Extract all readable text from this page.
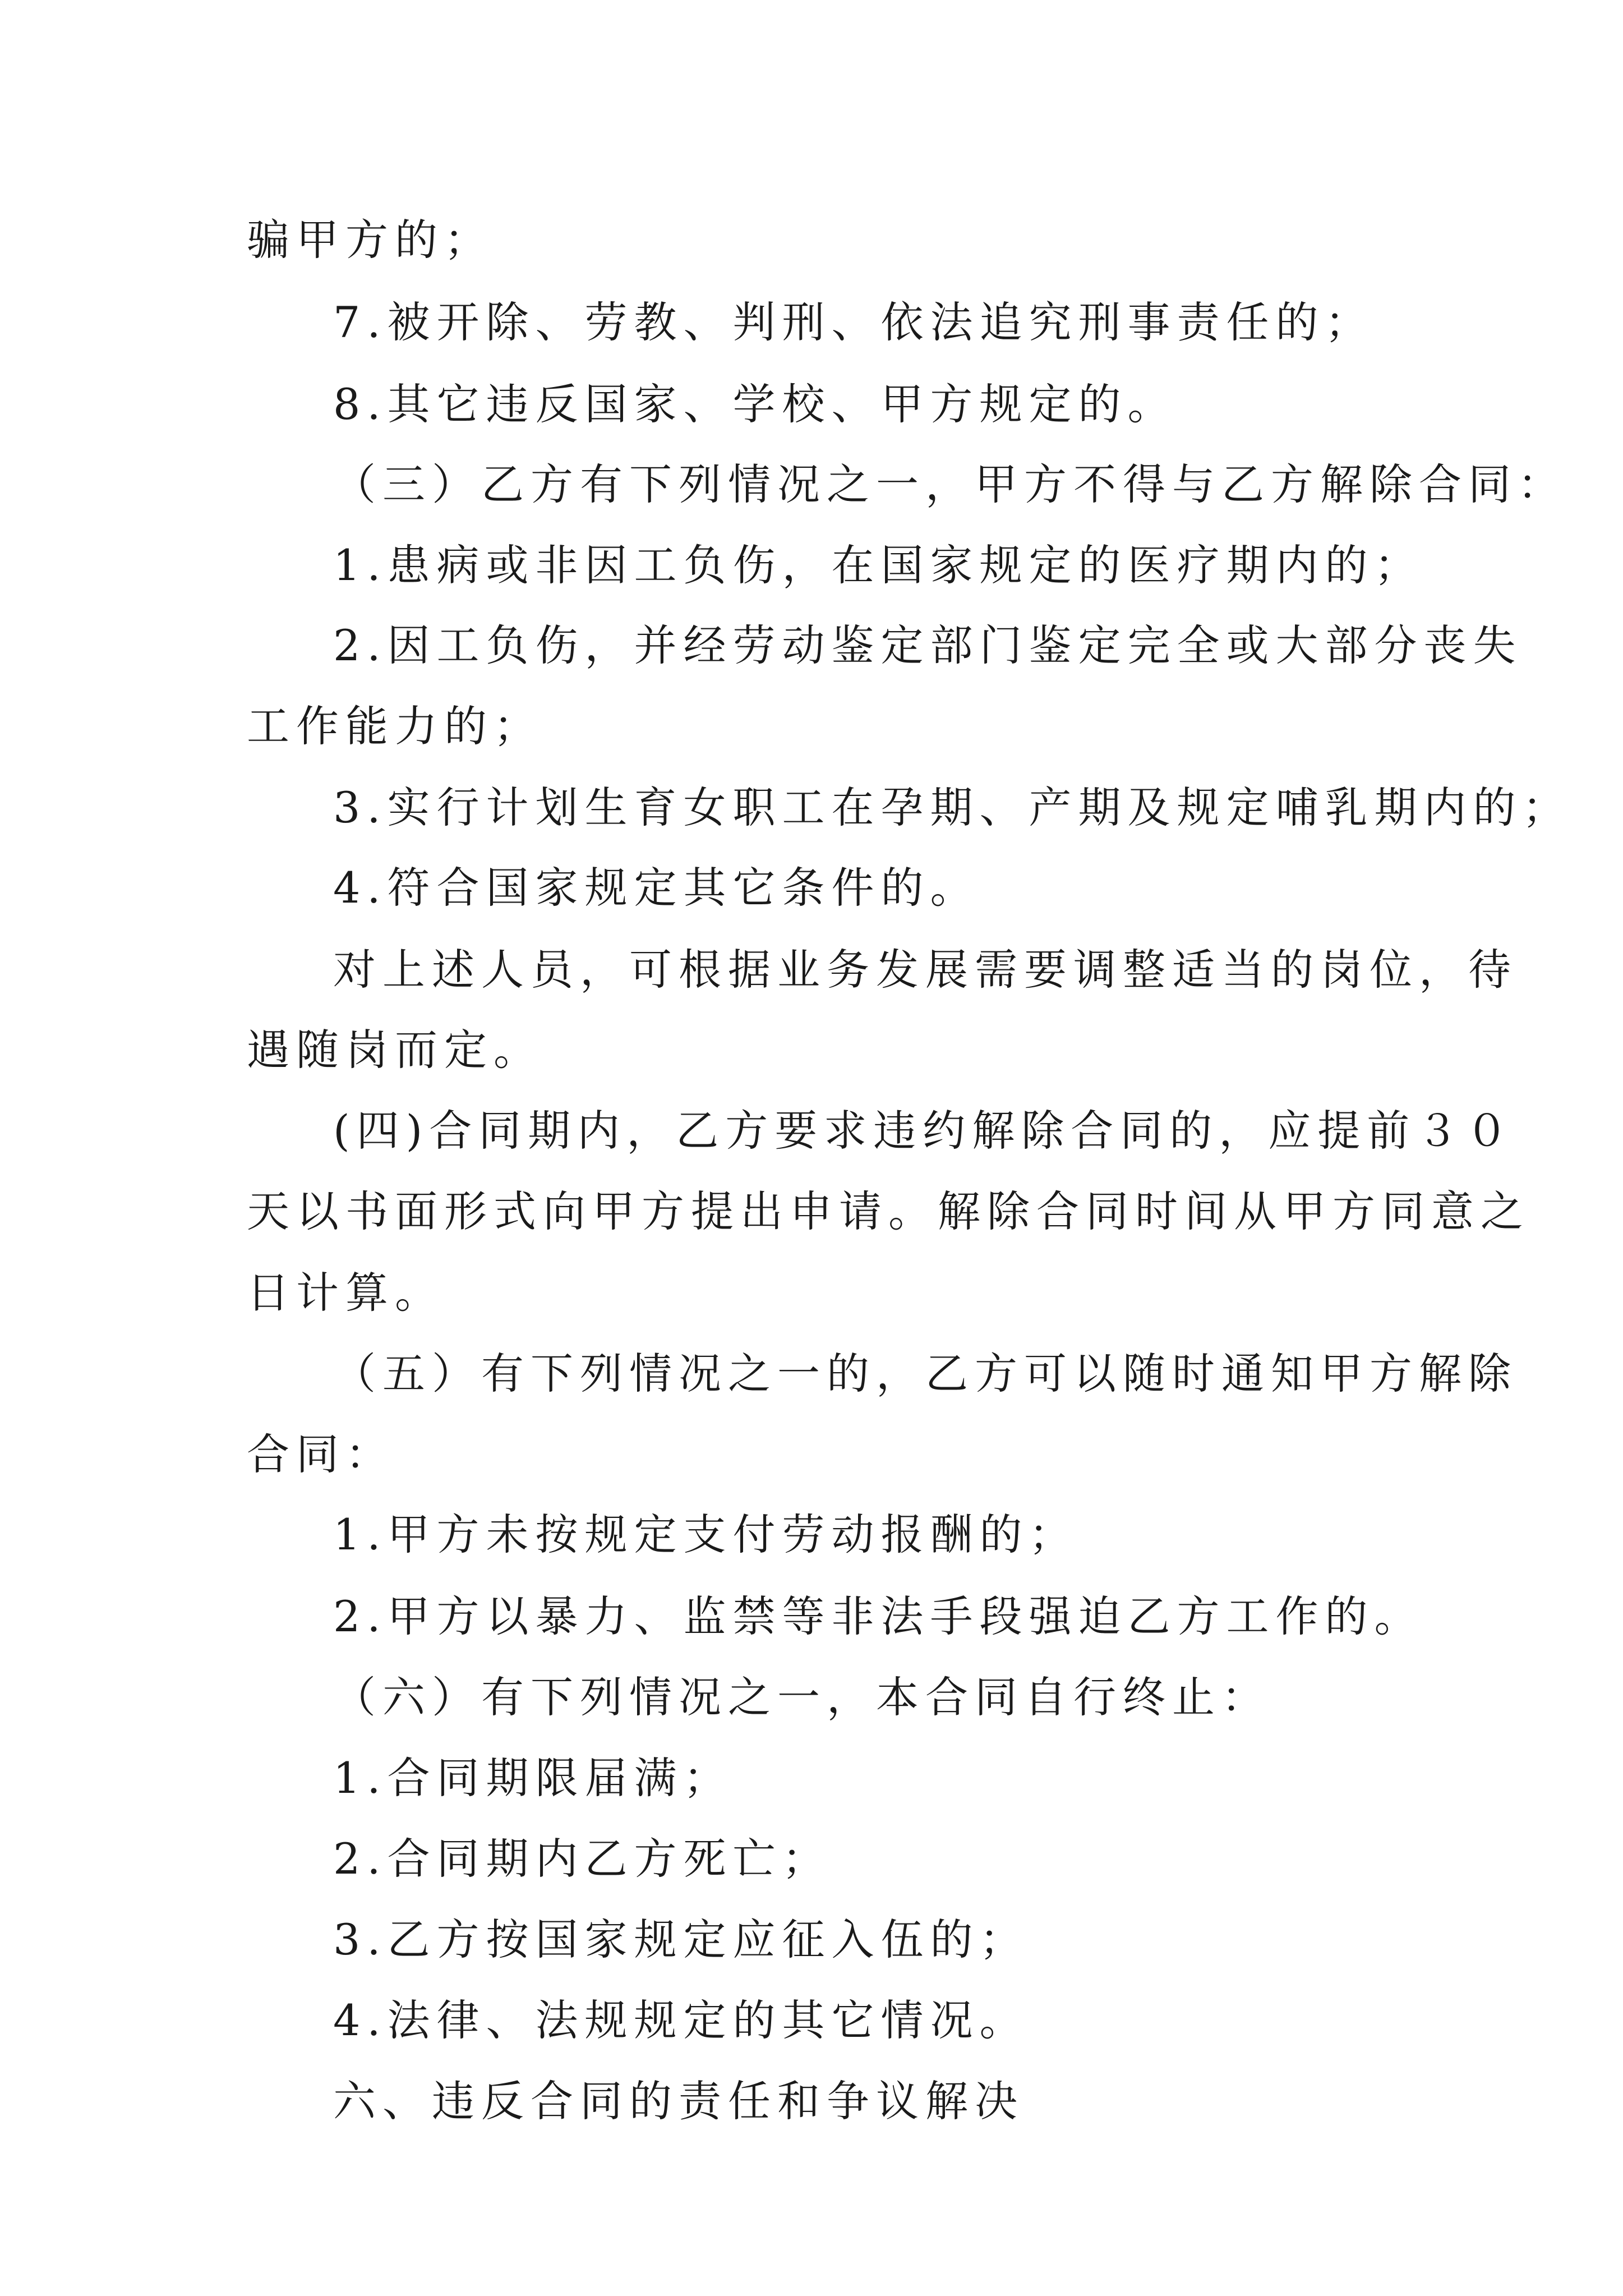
骗甲方的；
7.被开除、劳教、判刑、依法追究刑事责任的；
8.其它违反国家、学校、甲方规定的。
（三）乙方有下列情况之一，甲方不得与乙方解除合同：
1.患病或非因工负伤，在国家规定的医疗期内的；
2.因工负伤，并经劳动鉴定部门鉴定完全或大部分丧失
工作能力的；
3.实行计划生育女职工在孕期、产期及规定哺乳期内的；
4.符合国家规定其它条件的。
对上述人员，可根据业务发展需要调整适当的岗位，待
遇随岗而定。
(四)合同期内，乙方要求违约解除合同的，应提前３０
天以书面形式向甲方提出申请。解除合同时间从甲方同意之
日计算。
（五）有下列情况之一的，乙方可以随时通知甲方解除
合同：
1.甲方未按规定支付劳动报酬的；
2.甲方以暴力、监禁等非法手段强迫乙方工作的。
（六）有下列情况之一，本合同自行终止：
1.合同期限届满；
2.合同期内乙方死亡；
3.乙方按国家规定应征入伍的；
4.法律、法规规定的其它情况。
六、违反合同的责任和争议解决
